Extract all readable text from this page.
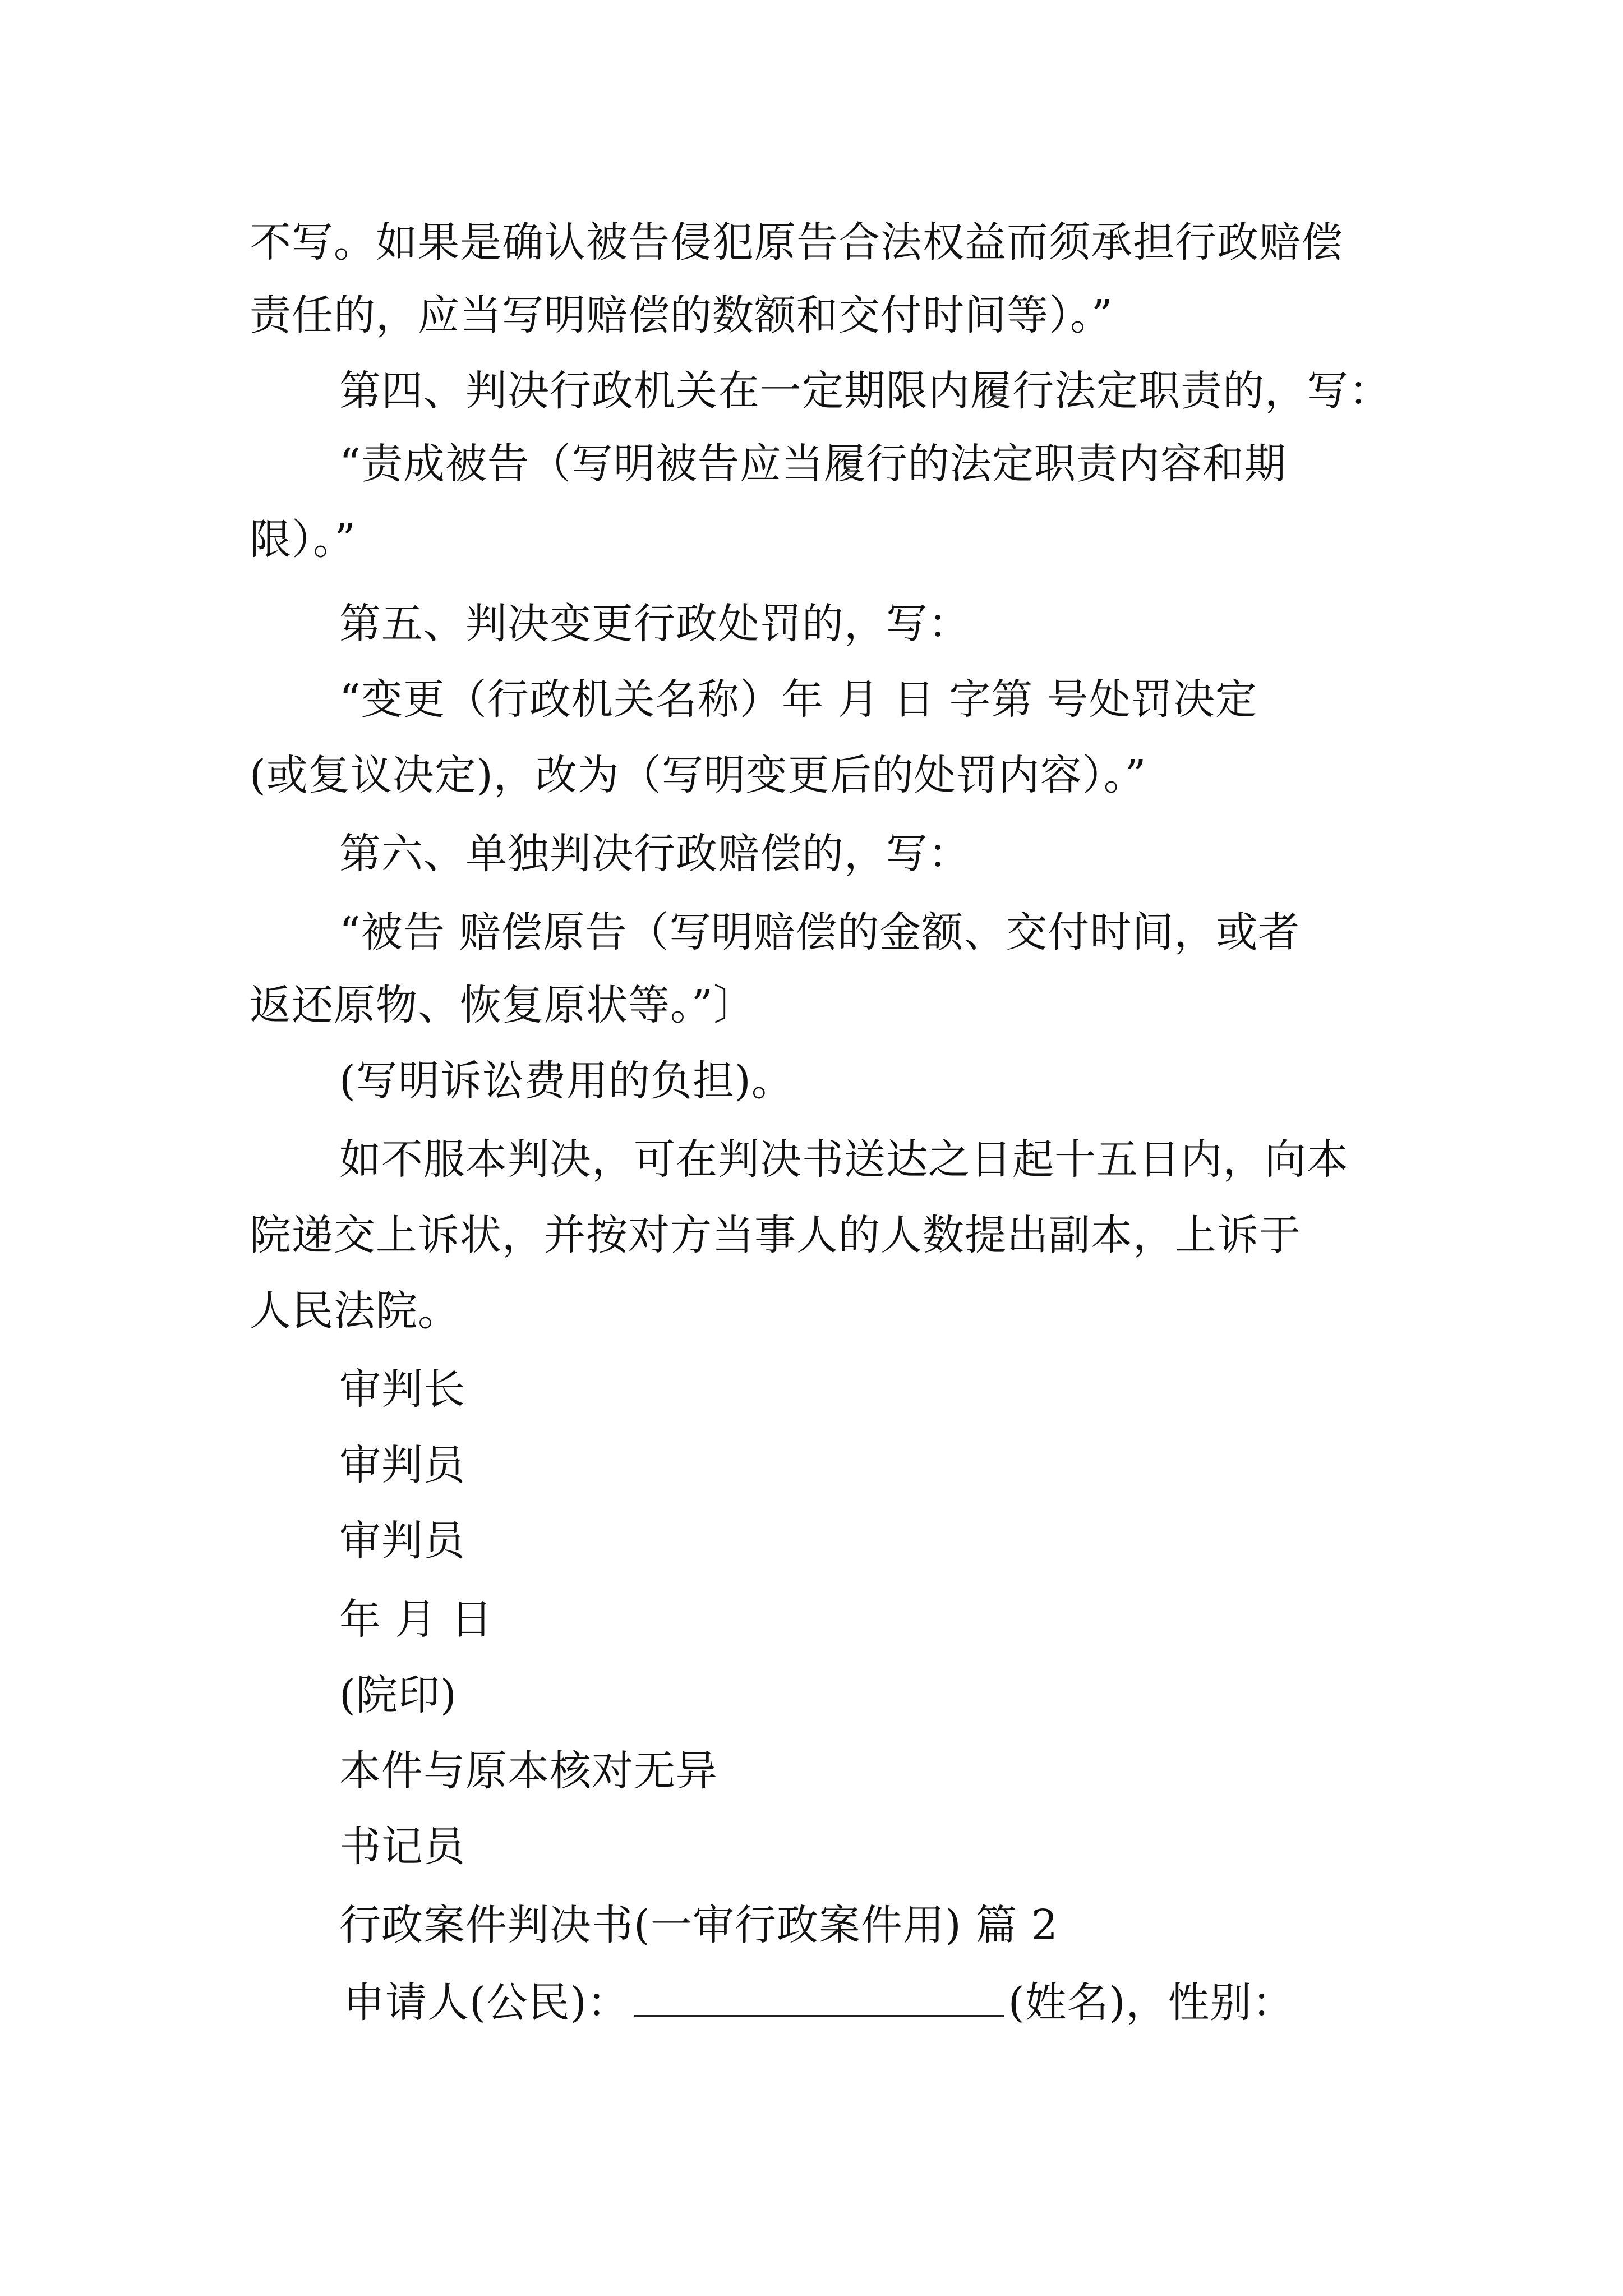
不写。如果是确认被告侵犯原告合法权益而须承担行政赔偿
责任的，应当写明赔偿的数额和交付时间等）。”
第四、判决行政机关在一定期限内履行法定职责的，写：
“责成被告（写明被告应当履行的法定职责内容和期
限）。”
第五、判决变更行政处罚的，写：
“变更（行政机关名称）年 月 日 字第 号处罚决定
(或复议决定)，改为（写明变更后的处罚内容）。”
第六、单独判决行政赔偿的，写：
“被告 赔偿原告（写明赔偿的金额、交付时间，或者
返还原物、恢复原状等。”〕
(写明诉讼费用的负担)。
如不服本判决，可在判决书送达之日起十五日内，向本
院递交上诉状，并按对方当事人的人数提出副本，上诉于
人民法院。
审判长
审判员
审判员
年 月 日
(院印)
本件与原本核对无异
书记员
行政案件判决书(一审行政案件用) 篇 2
申请人(公民)：	(姓名)，性别：
